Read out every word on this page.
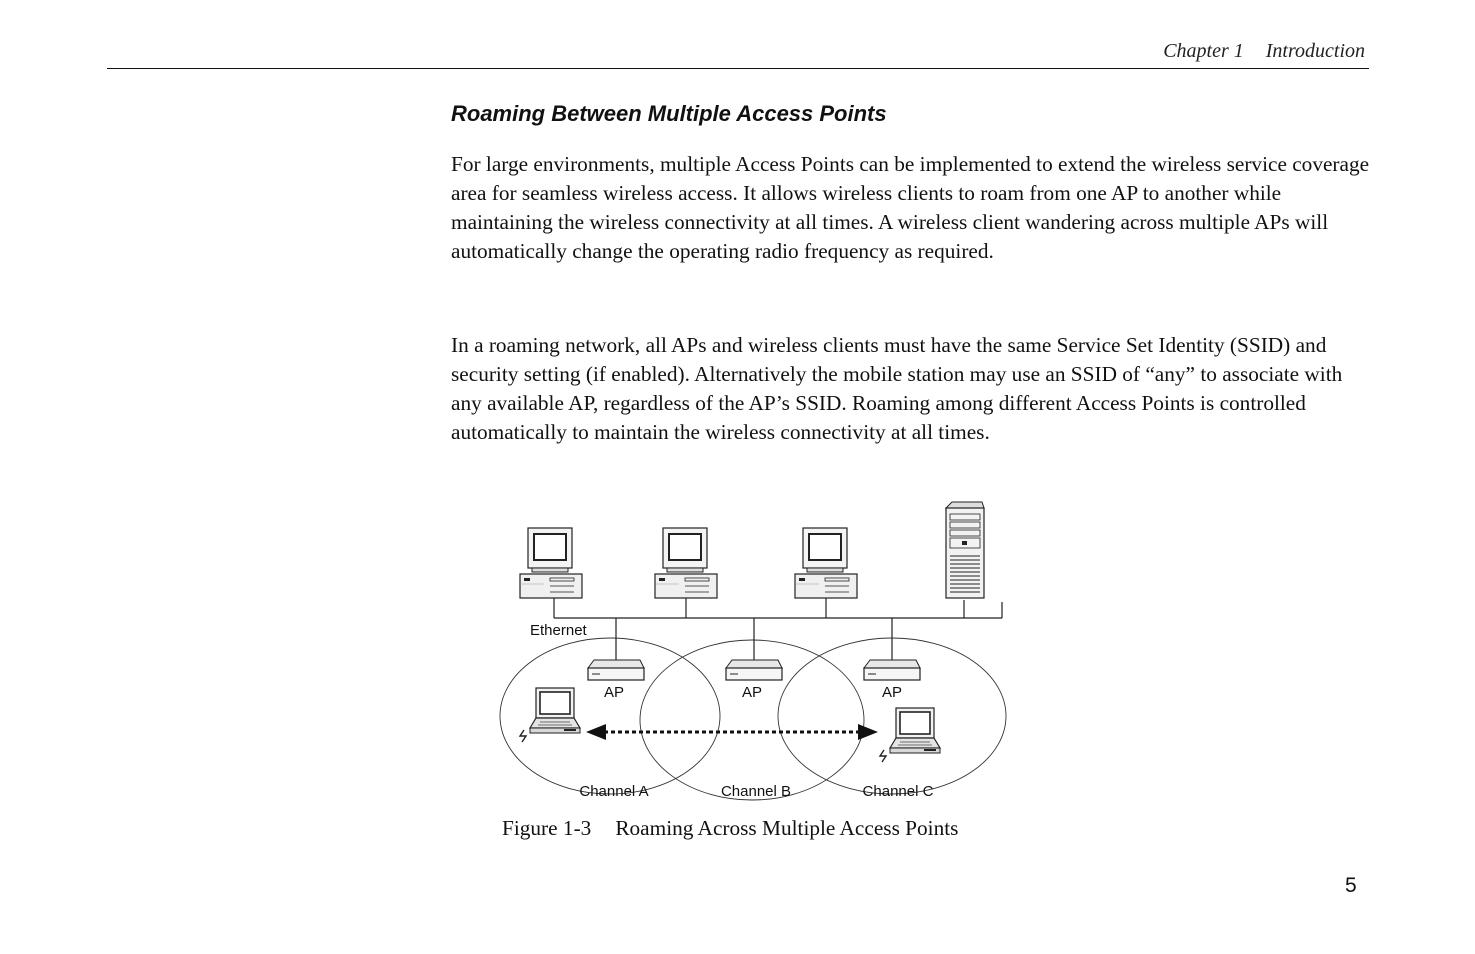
Chapter 1 Introduction
Roaming Between Multiple Access Points

For large environments, multiple Access Points can be implemented to extend the wireless service coverage area for seamless wireless access. It allows wireless clients to roam from one AP to another while maintaining the wireless connectivity at all times. A wireless client wandering across multiple APs will automatically change the operating radio frequency as required.

In a roaming network, all APs and wireless clients must have the same Service Set Identity (SSID) and security setting (if enabled). Alternatively the mobile station may use an SSID of “any” to associate with any available AP, regardless of the AP’s SSID. Roaming among different Access Points is controlled automatically to maintain the wireless connectivity at all times.

Ethernet
AP	AP	AP
Channel A	Channel B	Channel C
Figure 1-3 Roaming Across Multiple Access Points
5
